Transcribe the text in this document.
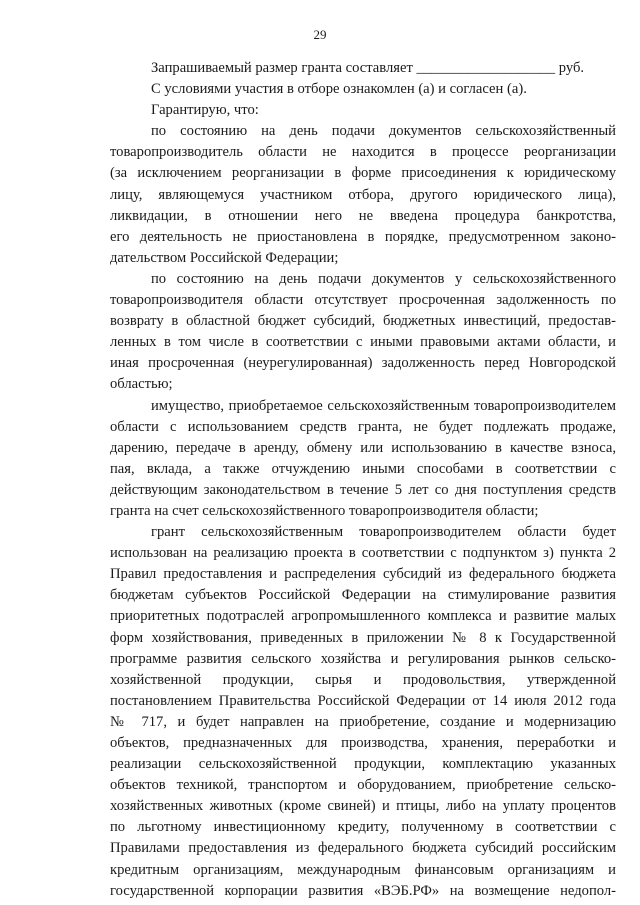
29
Запрашиваемый размер гранта составляет ___________________ руб.
С условиями участия в отборе ознакомлен (а) и согласен (а).
Гарантирую, что:
по состоянию на день подачи документов сельскохозяйственный
товаропроизводитель области не находится в процессе реорганизации
(за исключением реорганизации в форме присоединения к юридическому
лицу, являющемуся участником отбора, другого юридического лица),
ликвидации, в отношении него не введена процедура банкротства,
его деятельность не приостановлена в порядке, предусмотренном законо-
дательством Российской Федерации;
по состоянию на день подачи документов у сельскохозяйственного
товаропроизводителя области отсутствует просроченная задолженность по
возврату в областной бюджет субсидий, бюджетных инвестиций, предостав-
ленных в том числе в соответствии с иными правовыми актами области, и
иная просроченная (неурегулированная) задолженность перед Новгородской
областью;
имущество, приобретаемое сельскохозяйственным товаропроизводителем
области с использованием средств гранта, не будет подлежать продаже,
дарению, передаче в аренду, обмену или использованию в качестве взноса,
пая, вклада, а также отчуждению иными способами в соответствии с
действующим законодательством в течение 5 лет со дня поступления средств
гранта на счет сельскохозяйственного товаропроизводителя области;
грант сельскохозяйственным товаропроизводителем области будет
использован на реализацию проекта в соответствии с подпунктом з) пункта 2
Правил предоставления и распределения субсидий из федерального бюджета
бюджетам субъектов Российской Федерации на стимулирование развития
приоритетных подотраслей агропромышленного комплекса и развитие малых
форм хозяйствования, приведенных в приложении № 8 к Государственной
программе развития сельского хозяйства и регулирования рынков сельско-
хозяйственной продукции, сырья и продовольствия, утвержденной
постановлением Правительства Российской Федерации от 14 июля 2012 года
№ 717, и будет направлен на приобретение, создание и модернизацию
объектов, предназначенных для производства, хранения, переработки и
реализации сельскохозяйственной продукции, комплектацию указанных
объектов техникой, транспортом и оборудованием, приобретение сельско-
хозяйственных животных (кроме свиней) и птицы, либо на уплату процентов
по льготному инвестиционному кредиту, полученному в соответствии с
Правилами предоставления из федерального бюджета субсидий российским
кредитным организациям, международным финансовым организациям и
государственной корпорации развития «ВЭБ.РФ» на возмещение недопол-
